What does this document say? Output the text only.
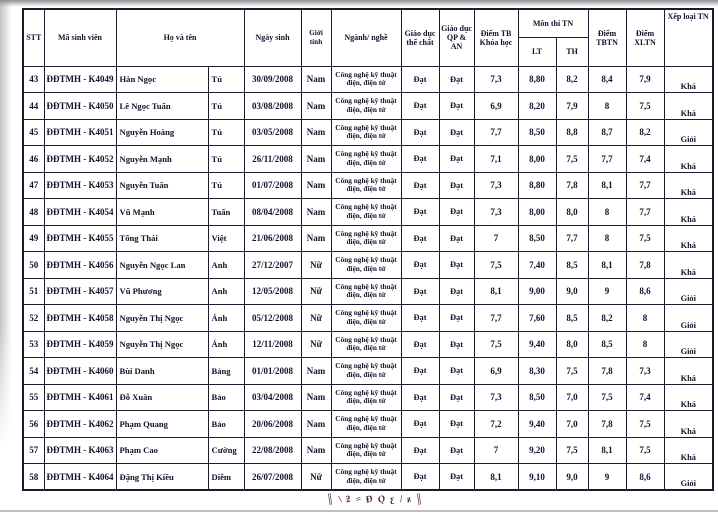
STT	Mã sinh viên	Họ và tên		Ngày sinh	Giới tính	Ngành/ nghề	Giáo dục thể chất	Giáo dục QP & AN	Điểm TB Khóa học	Môn thi TN		Điểm TBTN	Điểm XLTN	Xếp loại TN
										LT	TH			
43	ĐĐTMH - K4049	Hàn Ngọc	Tú	30/09/2008	Nam	Công nghệ kỹ thuật
điện, điện tử	Đạt	Đạt	7,3	8,80	8,2	8,4	7,9	Khá
44	ĐĐTMH - K4050	Lê Ngọc Tuấn	Tú	03/08/2008	Nam	Công nghệ kỹ thuật
điện, điện tử	Đạt	Đạt	6,9	8,20	7,9	8	7,5	Khá
45	ĐĐTMH - K4051	Nguyễn Hoàng	Tú	03/05/2008	Nam	Công nghệ kỹ thuật
điện, điện tử	Đạt	Đạt	7,7	8,50	8,8	8,7	8,2	Giỏi
46	ĐĐTMH - K4052	Nguyễn Mạnh	Tú	26/11/2008	Nam	Công nghệ kỹ thuật
điện, điện tử	Đạt	Đạt	7,1	8,00	7,5	7,7	7,4	Khá
47	ĐĐTMH - K4053	Nguyễn Tuấn	Tú	01/07/2008	Nam	Công nghệ kỹ thuật
điện, điện tử	Đạt	Đạt	7,3	8,80	7,8	8,1	7,7	Khá
48	ĐĐTMH - K4054	Vũ Mạnh	Tuấn	08/04/2008	Nam	Công nghệ kỹ thuật
điện, điện tử	Đạt	Đạt	7,3	8,00	8,0	8	7,7	Khá
49	ĐĐTMH - K4055	Tống Thái	Việt	21/06/2008	Nam	Công nghệ kỹ thuật
điện, điện tử	Đạt	Đạt	7	8,50	7,7	8	7,5	Khá
50	ĐĐTMH - K4056	Nguyễn Ngọc Lan	Anh	27/12/2007	Nữ	Công nghệ kỹ thuật
điện, điện tử	Đạt	Đạt	7,5	7,40	8,5	8,1	7,8	Khá
51	ĐĐTMH - K4057	Vũ Phương	Anh	12/05/2008	Nữ	Công nghệ kỹ thuật
điện, điện tử	Đạt	Đạt	8,1	9,00	9,0	9	8,6	Giỏi
52	ĐĐTMH - K4058	Nguyễn Thị Ngọc	Ánh	05/12/2008	Nữ	Công nghệ kỹ thuật
điện, điện tử	Đạt	Đạt	7,7	7,60	8,5	8,2	8	Giỏi
53	ĐĐTMH - K4059	Nguyễn Thị Ngọc	Ánh	12/11/2008	Nữ	Công nghệ kỹ thuật
điện, điện tử	Đạt	Đạt	7,5	9,40	8,0	8,5	8	Giỏi
54	ĐĐTMH - K4060	Bùi Danh	Bảng	01/01/2008	Nam	Công nghệ kỹ thuật
điện, điện tử	Đạt	Đạt	6,9	8,30	7,5	7,8	7,3	Khá
55	ĐĐTMH - K4061	Đỗ Xuân	Bảo	03/04/2008	Nam	Công nghệ kỹ thuật
điện, điện tử	Đạt	Đạt	7,3	8,50	7,0	7,5	7,4	Khá
56	ĐĐTMH - K4062	Phạm Quang	Bảo	20/06/2008	Nam	Công nghệ kỹ thuật
điện, điện tử	Đạt	Đạt	7,2	9,40	7,0	7,8	7,5	Khá
57	ĐĐTMH - K4063	Phạm Cao	Cường	22/08/2008	Nam	Công nghệ kỹ thuật
điện, điện tử	Đạt	Đạt	7	9,20	7,5	8,1	7,5	Khá
58	ĐĐTMH - K4064	Đặng Thị Kiều	Diễm	26/07/2008	Nữ	Công nghệ kỹ thuật
điện, điện tử	Đạt	Đạt	8,1	9,10	9,0	9	8,6	Giỏi
║ \ ƻ = Đ Ǫ ƹ / ƶ ║
